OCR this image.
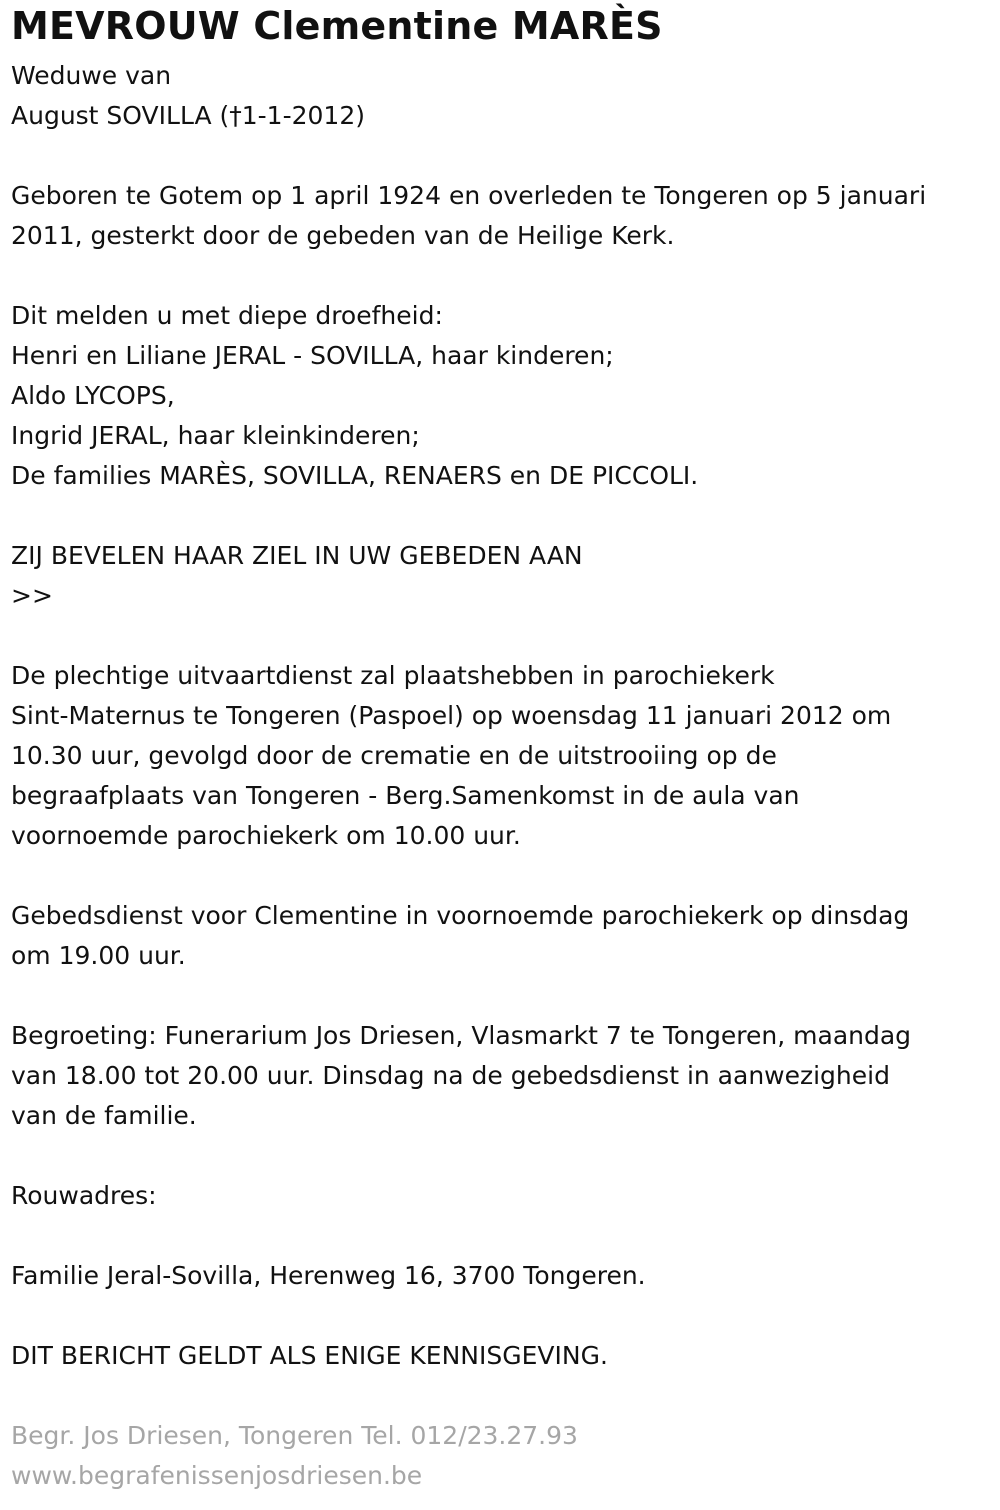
MEVROUW Clementine MARÈS
Weduwe van
August SOVILLA (†1-1-2012)
Geboren te Gotem op 1 april 1924 en overleden te Tongeren op 5 januari
2011, gesterkt door de gebeden van de Heilige Kerk.
Dit melden u met diepe droefheid:
Henri en Liliane JERAL - SOVILLA, haar kinderen;
Aldo LYCOPS,
Ingrid JERAL, haar kleinkinderen;
De families MARÈS, SOVILLA, RENAERS en DE PICCOLI.
ZIJ BEVELEN HAAR ZIEL IN UW GEBEDEN AAN
>>
De plechtige uitvaartdienst zal plaatshebben in parochiekerk
Sint-Maternus te Tongeren (Paspoel) op woensdag 11 januari 2012 om
10.30 uur, gevolgd door de crematie en de uitstrooiing op de
begraafplaats van Tongeren - Berg.Samenkomst in de aula van
voornoemde parochiekerk om 10.00 uur.
Gebedsdienst voor Clementine in voornoemde parochiekerk op dinsdag
om 19.00 uur.
Begroeting: Funerarium Jos Driesen, Vlasmarkt 7 te Tongeren, maandag
van 18.00 tot 20.00 uur. Dinsdag na de gebedsdienst in aanwezigheid
van de familie.
Rouwadres:
Familie Jeral-Sovilla, Herenweg 16, 3700 Tongeren.
DIT BERICHT GELDT ALS ENIGE KENNISGEVING.
Begr. Jos Driesen, Tongeren Tel. 012/23.27.93
www.begrafenissenjosdriesen.be
